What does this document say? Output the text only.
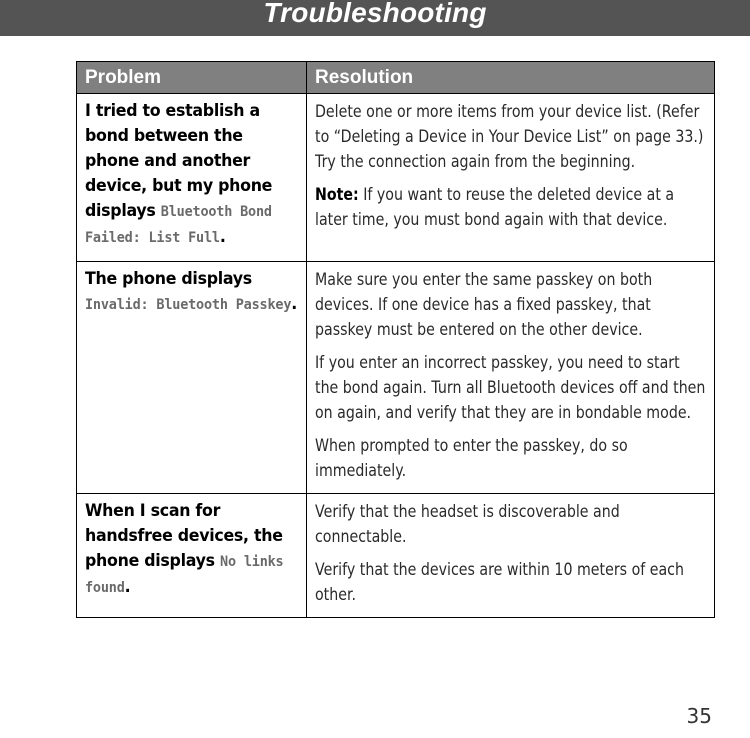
Troubleshooting
Problem	Resolution

I tried to establish a bond between the phone and another device, but my phone displays Bluetooth Bond Failed: List Full.	Delete one or more items from your device list. (Refer to “Deleting a Device in Your Device List” on page 33.) Try the connection again from the beginning.

Note: If you want to reuse the deleted device at a later time, you must bond again with that device.

The phone displays Invalid: Bluetooth Passkey.	Make sure you enter the same passkey on both devices. If one device has a fixed passkey, that passkey must be entered on the other device.

If you enter an incorrect passkey, you need to start the bond again. Turn all Bluetooth devices off and then on again, and verify that they are in bondable mode.

When prompted to enter the passkey, do so immediately.

When I scan for handsfree devices, the phone displays No links found.	Verify that the headset is discoverable and connectable.

Verify that the devices are within 10 meters of each other.

35
